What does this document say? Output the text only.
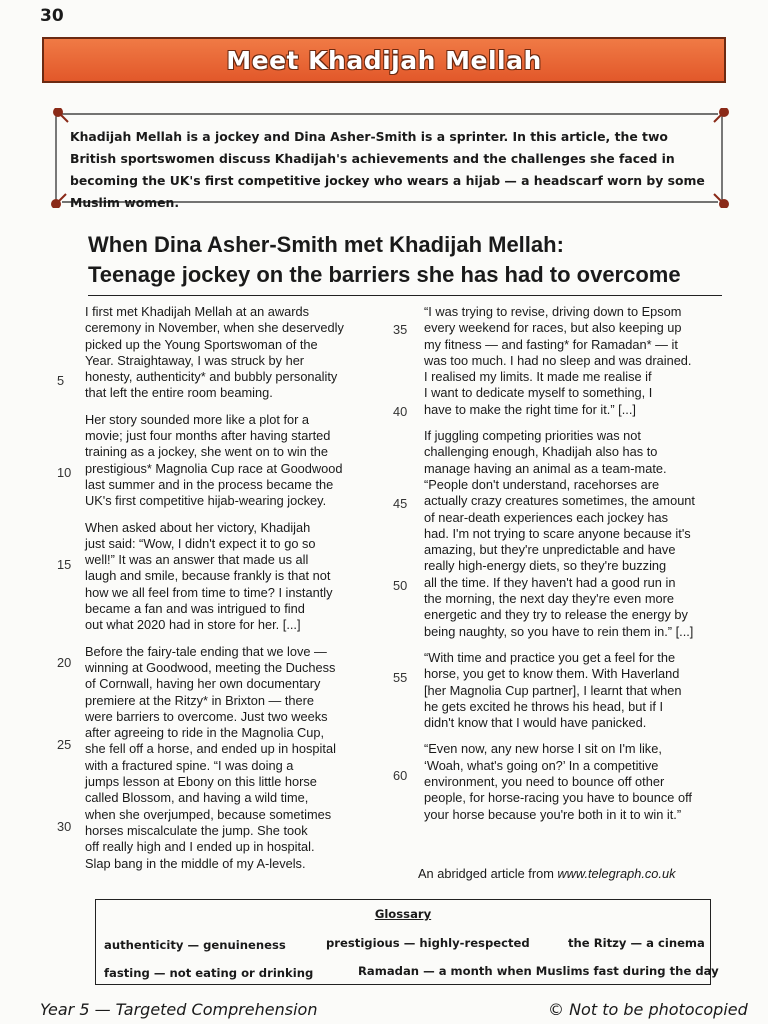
30
Meet Khadijah Mellah
Khadijah Mellah is a jockey and Dina Asher-Smith is a sprinter. In this article, the two British sportswomen discuss Khadijah's achievements and the challenges she faced in becoming the UK's first competitive jockey who wears a hijab — a headscarf worn by some Muslim women.
When Dina Asher-Smith met Khadijah Mellah:
Teenage jockey on the barriers she has had to overcome
I first met Khadijah Mellah at an awards
ceremony in November, when she deservedly
picked up the Young Sportswoman of the
Year. Straightaway, I was struck by her
honesty, authenticity* and bubbly personality
that left the entire room beaming.
Her story sounded more like a plot for a
movie; just four months after having started
training as a jockey, she went on to win the
prestigious* Magnolia Cup race at Goodwood
last summer and in the process became the
UK's first competitive hijab-wearing jockey.
When asked about her victory, Khadijah
just said: “Wow, I didn't expect it to go so
well!” It was an answer that made us all
laugh and smile, because frankly is that not
how we all feel from time to time? I instantly
became a fan and was intrigued to find
out what 2020 had in store for her. [...]
Before the fairy-tale ending that we love —
winning at Goodwood, meeting the Duchess
of Cornwall, having her own documentary
premiere at the Ritzy* in Brixton — there
were barriers to overcome. Just two weeks
after agreeing to ride in the Magnolia Cup,
she fell off a horse, and ended up in hospital
with a fractured spine. “I was doing a
jumps lesson at Ebony on this little horse
called Blossom, and having a wild time,
when she overjumped, because sometimes
horses miscalculate the jump. She took
off really high and I ended up in hospital.
Slap bang in the middle of my A-levels.
“I was trying to revise, driving down to Epsom
every weekend for races, but also keeping up
my fitness — and fasting* for Ramadan* — it
was too much. I had no sleep and was drained.
I realised my limits. It made me realise if
I want to dedicate myself to something, I
have to make the right time for it.” [...]
If juggling competing priorities was not
challenging enough, Khadijah also has to
manage having an animal as a team-mate.
“People don't understand, racehorses are
actually crazy creatures sometimes, the amount
of near-death experiences each jockey has
had. I'm not trying to scare anyone because it's
amazing, but they're unpredictable and have
really high-energy diets, so they're buzzing
all the time. If they haven't had a good run in
the morning, the next day they're even more
energetic and they try to release the energy by
being naughty, so you have to rein them in.” [...]
“With time and practice you get a feel for the
horse, you get to know them. With Haverland
[her Magnolia Cup partner], I learnt that when
he gets excited he throws his head, but if I
didn't know that I would have panicked.
“Even now, any new horse I sit on I'm like,
‘Woah, what's going on?’ In a competitive
environment, you need to bounce off other
people, for horse-racing you have to bounce off
your horse because you're both in it to win it.”
5
10
15
20
25
30
35
40
45
50
55
60
An abridged article from www.telegraph.co.uk
Glossary
authenticity — genuineness	prestigious — highly-respected	the Ritzy — a cinema
fasting — not eating or drinking	Ramadan — a month when Muslims fast during the day
Year 5 — Targeted Comprehension	© Not to be photocopied
